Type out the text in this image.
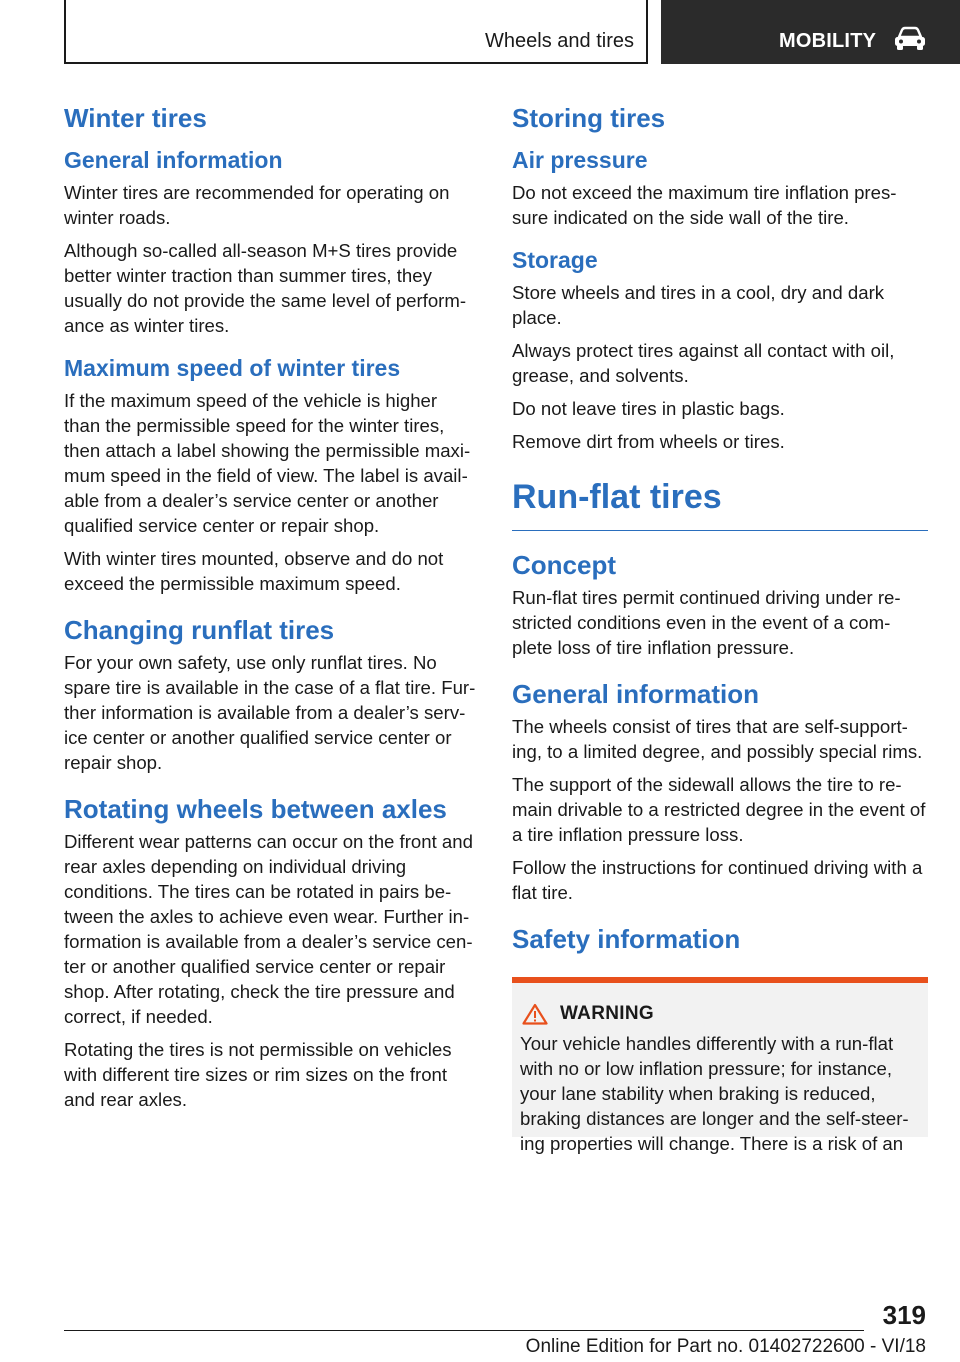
Wheels and tires	MOBILITY
Winter tires
General information

Winter tires are recommended for operating on winter roads.

Although so-called all-season M+S tires provide better winter traction than summer tires, they usually do not provide the same level of perform-ance as winter tires.

Maximum speed of winter tires

If the maximum speed of the vehicle is higher than the permissible speed for the winter tires, then attach a label showing the permissible maxi-mum speed in the field of view. The label is avail-able from a dealer’s service center or another qualified service center or repair shop.

With winter tires mounted, observe and do not exceed the permissible maximum speed.

Changing runflat tires

For your own safety, use only runflat tires. No spare tire is available in the case of a flat tire. Fur-ther information is available from a dealer’s serv-ice center or another qualified service center or repair shop.

Rotating wheels between axles

Different wear patterns can occur on the front and rear axles depending on individual driving conditions. The tires can be rotated in pairs be-tween the axles to achieve even wear. Further in-formation is available from a dealer’s service cen-ter or another qualified service center or repair shop. After rotating, check the tire pressure and correct, if needed.

Rotating the tires is not permissible on vehicles with different tire sizes or rim sizes on the front and rear axles.

Storing tires
Air pressure

Do not exceed the maximum tire inflation pres-sure indicated on the side wall of the tire.

Storage

Store wheels and tires in a cool, dry and dark place.

Always protect tires against all contact with oil, grease, and solvents.

Do not leave tires in plastic bags.

Remove dirt from wheels or tires.

Run-flat tires
Concept

Run-flat tires permit continued driving under re-stricted conditions even in the event of a com-plete loss of tire inflation pressure.

General information

The wheels consist of tires that are self-support-ing, to a limited degree, and possibly special rims.

The support of the sidewall allows the tire to re-main drivable to a restricted degree in the event of a tire inflation pressure loss.

Follow the instructions for continued driving with a flat tire.

Safety information
WARNING

Your vehicle handles differently with a run-flat with no or low inflation pressure; for instance, your lane stability when braking is reduced, braking distances are longer and the self-steer-ing properties will change. There is a risk of an

319
Online Edition for Part no. 01402722600 - VI/18
